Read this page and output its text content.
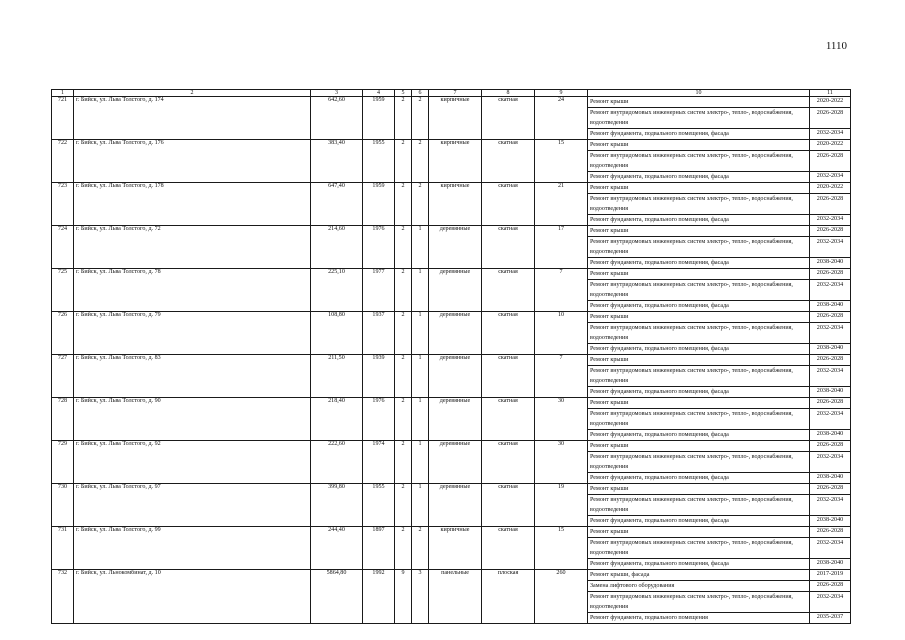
1110
1	2	3	4	5	6	7	8	9	10	11
721	г. Бийск, ул. Льва Толстого, д. 174	642,60	1959	2	2	кирпичные	скатная	24	Ремонт крыши	2020-2022
									Ремонт внутридомовых инженерных систем электро-, тепло-, водоснабжения, водоотведения	2026-2028
									Ремонт фундамента, подвального помещения, фасада	2032-2034
722	г. Бийск, ул. Льва Толстого, д. 176	383,40	1955	2	2	кирпичные	скатная	15	Ремонт крыши	2020-2022
									Ремонт внутридомовых инженерных систем электро-, тепло-, водоснабжения, водоотведения	2026-2028
									Ремонт фундамента, подвального помещения, фасада	2032-2034
723	г. Бийск, ул. Льва Толстого, д. 178	647,40	1959	2	2	кирпичные	скатная	21	Ремонт крыши	2020-2022
									Ремонт внутридомовых инженерных систем электро-, тепло-, водоснабжения, водоотведения	2026-2028
									Ремонт фундамента, подвального помещения, фасада	2032-2034
724	г. Бийск, ул. Льва Толстого, д. 72	214,60	1976	2	1	деревянные	скатная	17	Ремонт крыши	2026-2028
									Ремонт внутридомовых инженерных систем электро-, тепло-, водоснабжения, водоотведения	2032-2034
									Ремонт фундамента, подвального помещения, фасада	2038-2040
725	г. Бийск, ул. Льва Толстого, д. 78	225,10	1977	2	1	деревянные	скатная	7	Ремонт крыши	2026-2028
									Ремонт внутридомовых инженерных систем электро-, тепло-, водоснабжения, водоотведения	2032-2034
									Ремонт фундамента, подвального помещения, фасада	2038-2040
726	г. Бийск, ул. Льва Толстого, д. 79	108,80	1937	2	1	деревянные	скатная	10	Ремонт крыши	2026-2028
									Ремонт внутридомовых инженерных систем электро-, тепло-, водоснабжения, водоотведения	2032-2034
									Ремонт фундамента, подвального помещения, фасада	2038-2040
727	г. Бийск, ул. Льва Толстого, д. 83	211,50	1939	2	1	деревянные	скатная	7	Ремонт крыши	2026-2028
									Ремонт внутридомовых инженерных систем электро-, тепло-, водоснабжения, водоотведения	2032-2034
									Ремонт фундамента, подвального помещения, фасада	2038-2040
728	г. Бийск, ул. Льва Толстого, д. 90	218,40	1976	2	1	деревянные	скатная	30	Ремонт крыши	2026-2028
									Ремонт внутридомовых инженерных систем электро-, тепло-, водоснабжения, водоотведения	2032-2034
									Ремонт фундамента, подвального помещения, фасада	2038-2040
729	г. Бийск, ул. Льва Толстого, д. 92	222,60	1974	2	1	деревянные	скатная	30	Ремонт крыши	2026-2028
									Ремонт внутридомовых инженерных систем электро-, тепло-, водоснабжения, водоотведения	2032-2034
									Ремонт фундамента, подвального помещения, фасада	2038-2040
730	г. Бийск, ул. Льва Толстого, д. 97	399,80	1955	2	1	деревянные	скатная	19	Ремонт крыши	2026-2028
									Ремонт внутридомовых инженерных систем электро-, тепло-, водоснабжения, водоотведения	2032-2034
									Ремонт фундамента, подвального помещения, фасада	2038-2040
731	г. Бийск, ул. Льва Толстого, д. 99	244,40	1897	2	2	кирпичные	скатная	15	Ремонт крыши	2026-2028
									Ремонт внутридомовых инженерных систем электро-, тепло-, водоснабжения, водоотведения	2032-2034
									Ремонт фундамента, подвального помещения, фасада	2038-2040
732	г. Бийск, ул. Льнокомбинат, д. 10	5864,80	1992	9	3	панельные	плоская	260	Ремонт крыши, фасада	2017-2019
									Замена лифтового оборудования	2026-2028
									Ремонт внутридомовых инженерных систем электро-, тепло-, водоснабжения, водоотведения	2032-2034
									Ремонт фундамента, подвального помещения	2035-2037
